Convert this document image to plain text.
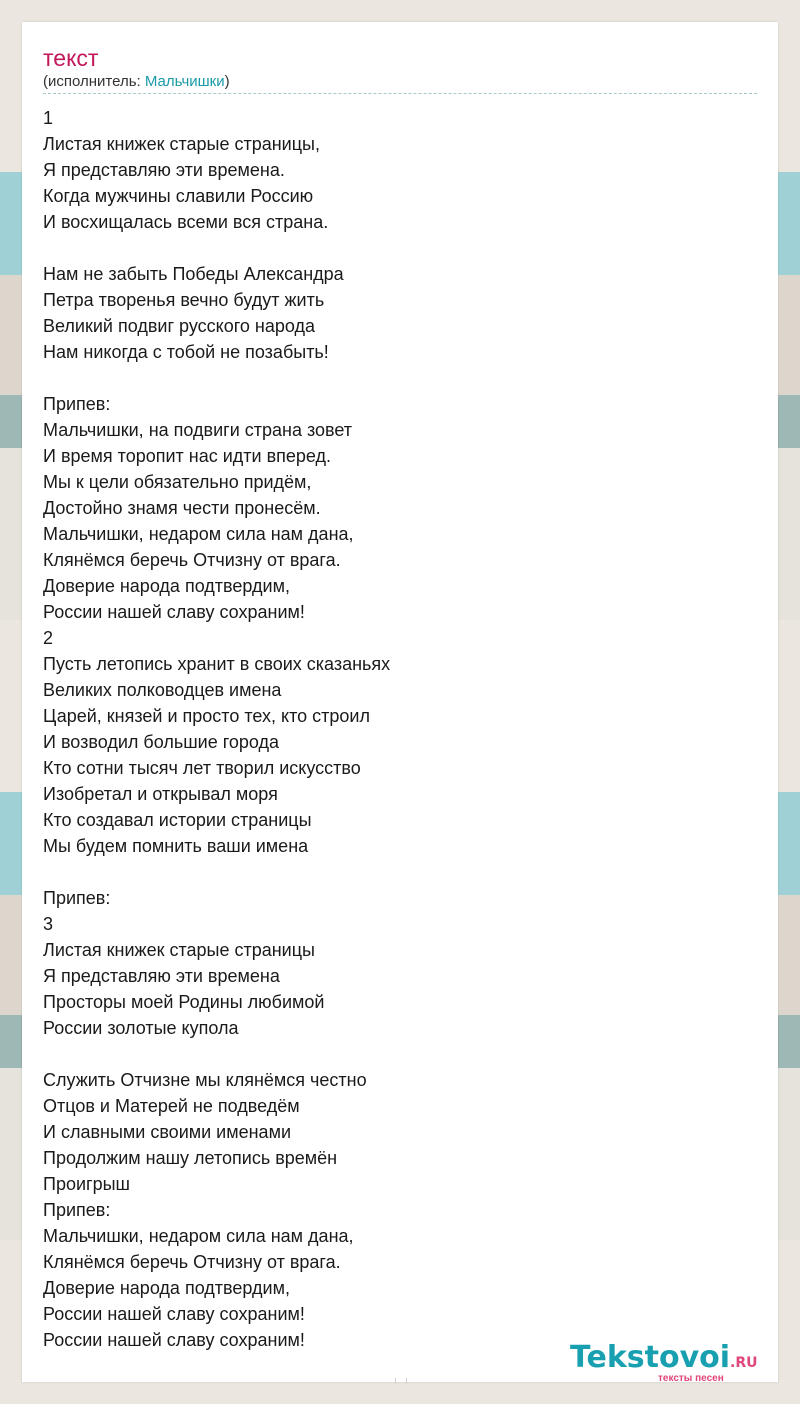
текст
(исполнитель: Мальчишки)
1
Листая книжек старые страницы,
Я представляю эти времена.
Когда мужчины славили Россию
И восхищалась всеми вся страна.
Нам не забыть Победы Александра
Петра творенья вечно будут жить
Великий подвиг русского народа
Нам никогда с тобой не позабыть!
Припев:
Мальчишки, на подвиги страна зовет
И время торопит нас идти вперед.
Мы к цели обязательно придём,
Достойно знамя чести пронесём.
Мальчишки, недаром сила нам дана,
Клянёмся беречь Отчизну от врага.
Доверие народа подтвердим,
России нашей славу сохраним!
2
Пусть летопись хранит в своих сказаньях
Великих полководцев имена
Царей, князей и просто тех, кто строил
И возводил большие города
Кто сотни тысяч лет творил искусство
Изобретал и открывал моря
Кто создавал истории страницы
Мы будем помнить ваши имена
Припев:
3
Листая книжек старые страницы
Я представляю эти времена
Просторы моей Родины любимой
России золотые купола
Служить Отчизне мы клянёмся честно
Отцов и Матерей не подведём
И славными своими именами
Продолжим нашу летопись времён
Проигрыш
Припев:
Мальчишки, недаром сила нам дана,
Клянёмся беречь Отчизну от врага.
Доверие народа подтвердим,
России нашей славу сохраним!
России нашей славу сохраним!	Tekstovoi.RU
тексты песен
